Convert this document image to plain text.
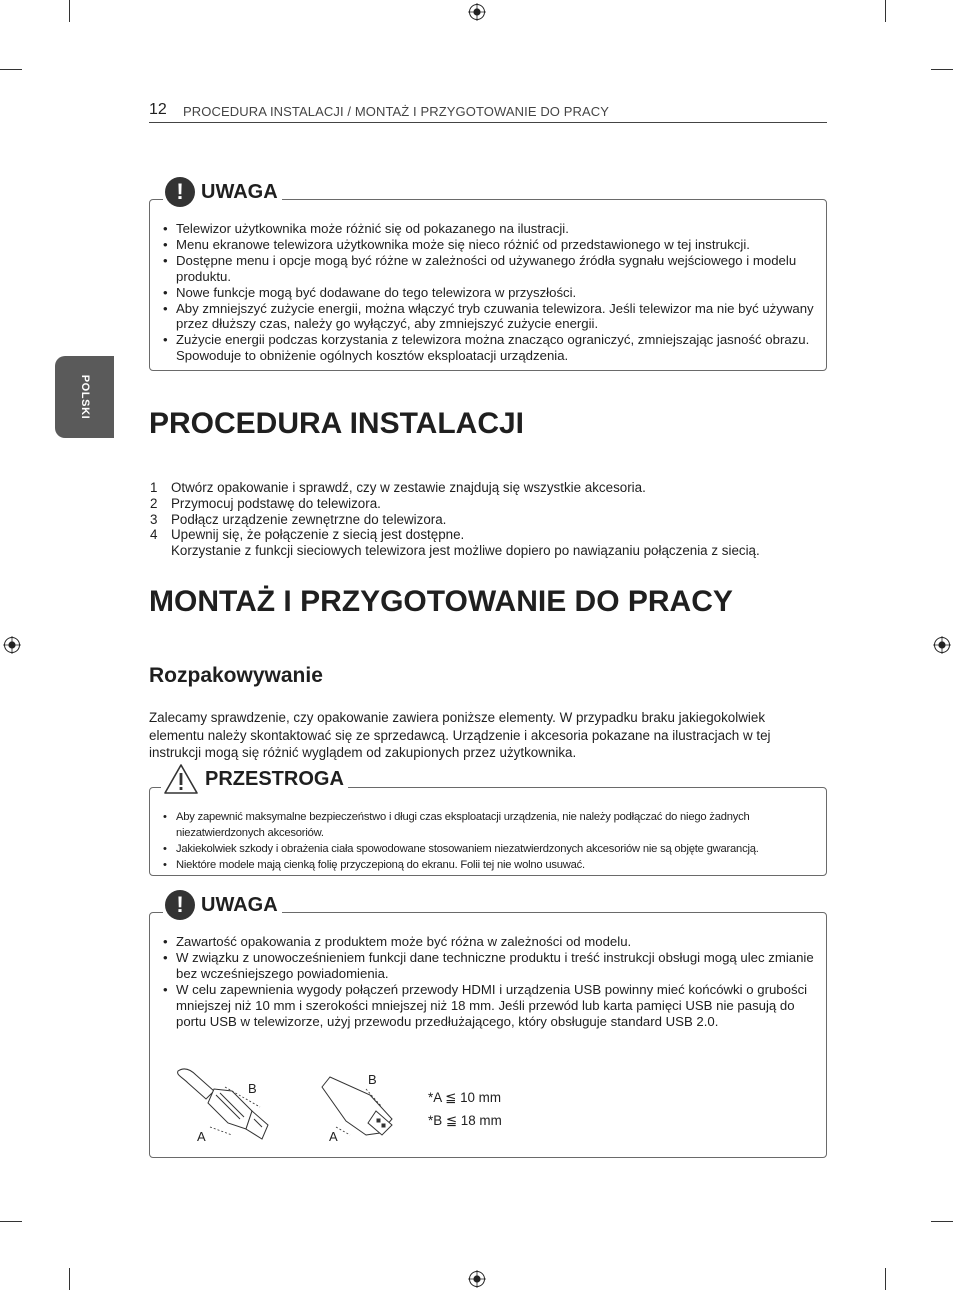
12 PROCEDURA INSTALACJI / MONTAŻ I PRZYGOTOWANIE DO PRACY
POLSKI
! UWAGA
• Telewizor użytkownika może różnić się od pokazanego na ilustracji.
• Menu ekranowe telewizora użytkownika może się nieco różnić od przedstawionego w tej instrukcji.
• Dostępne menu i opcje mogą być różne w zależności od używanego źródła sygnału wejściowego i modelu produktu.
• Nowe funkcje mogą być dodawane do tego telewizora w przyszłości.
• Aby zmniejszyć zużycie energii, można włączyć tryb czuwania telewizora. Jeśli telewizor ma nie być używany przez dłuższy czas, należy go wyłączyć, aby zmniejszyć zużycie energii.
• Zużycie energii podczas korzystania z telewizora można znacząco ograniczyć, zmniejszając jasność obrazu. Spowoduje to obniżenie ogólnych kosztów eksploatacji urządzenia.
PROCEDURA INSTALACJI
1 Otwórz opakowanie i sprawdź, czy w zestawie znajdują się wszystkie akcesoria.
2 Przymocuj podstawę do telewizora.
3 Podłącz urządzenie zewnętrzne do telewizora.
4 Upewnij się, że połączenie z siecią jest dostępne.
Korzystanie z funkcji sieciowych telewizora jest możliwe dopiero po nawiązaniu połączenia z siecią.
MONTAŻ I PRZYGOTOWANIE DO PRACY
Rozpakowywanie

Zalecamy sprawdzenie, czy opakowanie zawiera poniższe elementy. W przypadku braku jakiegokolwiek elementu należy skontaktować się ze sprzedawcą. Urządzenie i akcesoria pokazane na ilustracjach w tej instrukcji mogą się różnić wyglądem od zakupionych przez użytkownika.

PRZESTROGA
• Aby zapewnić maksymalne bezpieczeństwo i długi czas eksploatacji urządzenia, nie należy podłączać do niego żadnych niezatwierdzonych akcesoriów.
• Jakiekolwiek szkody i obrażenia ciała spowodowane stosowaniem niezatwierdzonych akcesoriów nie są objęte gwarancją.
• Niektóre modele mają cienką folię przyczepioną do ekranu. Folii tej nie wolno usuwać.
! UWAGA
• Zawartość opakowania z produktem może być różna w zależności od modelu.
• W związku z unowocześnieniem funkcji dane techniczne produktu i treść instrukcji obsługi mogą ulec zmianie bez wcześniejszego powiadomienia.
• W celu zapewnienia wygody połączeń przewody HDMI i urządzenia USB powinny mieć końcówki o grubości mniejszej niż 10 mm i szerokości mniejszej niż 18 mm. Jeśli przewód lub karta pamięci USB nie pasują do portu USB w telewizorze, użyj przewodu przedłużającego, który obsługuje standard USB 2.0.
B
A
B
A
*A ≦ 10 mm
*B ≦ 18 mm
